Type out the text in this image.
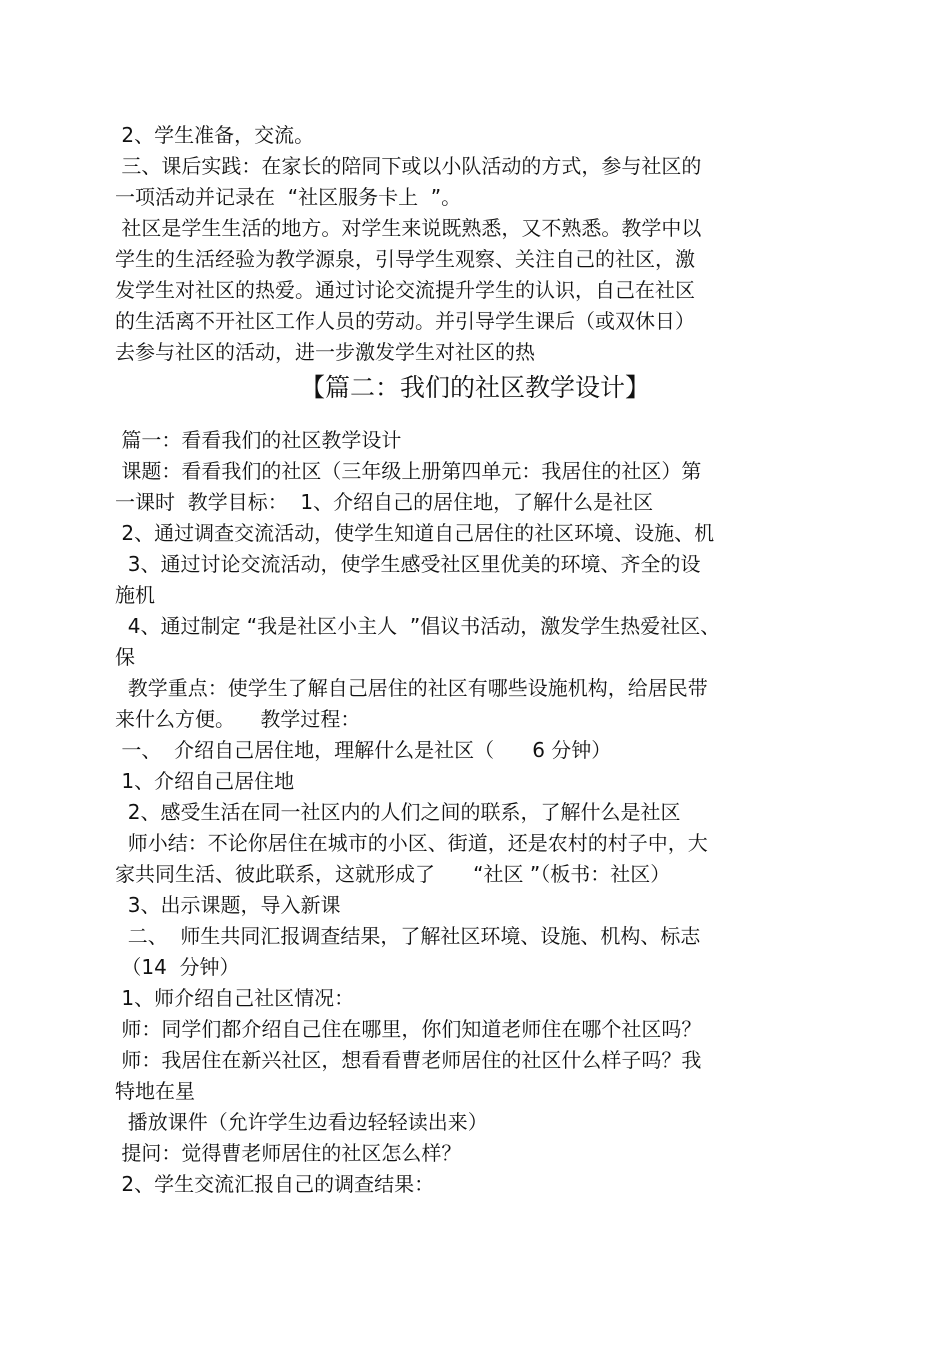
2、学生准备，交流。
三、课后实践：在家长的陪同下或以小队活动的方式，参与社区的
一项活动并记录在  “社区服务卡上  ”。
社区是学生生活的地方。对学生来说既熟悉，又不熟悉。教学中以
学生的生活经验为教学源泉，引导学生观察、关注自己的社区，激
发学生对社区的热爱。通过讨论交流提升学生的认识，自己在社区
的生活离不开社区工作人员的劳动。并引导学生课后（或双休日）
去参与社区的活动，进一步激发学生对社区的热
【篇二：我们的社区教学设计】
篇一：看看我们的社区教学设计
课题：看看我们的社区（三年级上册第四单元：我居住的社区）第
一课时  教学目标：  1、介绍自己的居住地，了解什么是社区
2、通过调查交流活动，使学生知道自己居住的社区环境、设施、机
3、通过讨论交流活动，使学生感受社区里优美的环境、齐全的设
施机
4、通过制定 “我是社区小主人  ”倡议书活动，激发学生热爱社区、
保
教学重点：使学生了解自己居住的社区有哪些设施机构，给居民带
来什么方便。    教学过程：
一、  介绍自己居住地，理解什么是社区（      6 分钟）
1、介绍自己居住地
2、感受生活在同一社区内的人们之间的联系，了解什么是社区
师小结：不论你居住在城市的小区、街道，还是农村的村子中，大
家共同生活、彼此联系，这就形成了      “社区 ”（板书：社区）
3、出示课题，导入新课
二、  师生共同汇报调查结果，了解社区环境、设施、机构、标志
（14  分钟）
1、师介绍自己社区情况：
师：同学们都介绍自己住在哪里，你们知道老师住在哪个社区吗？
师：我居住在新兴社区，想看看曹老师居住的社区什么样子吗？我
特地在星
播放课件（允许学生边看边轻轻读出来）
提问：觉得曹老师居住的社区怎么样？
2、学生交流汇报自己的调查结果：
